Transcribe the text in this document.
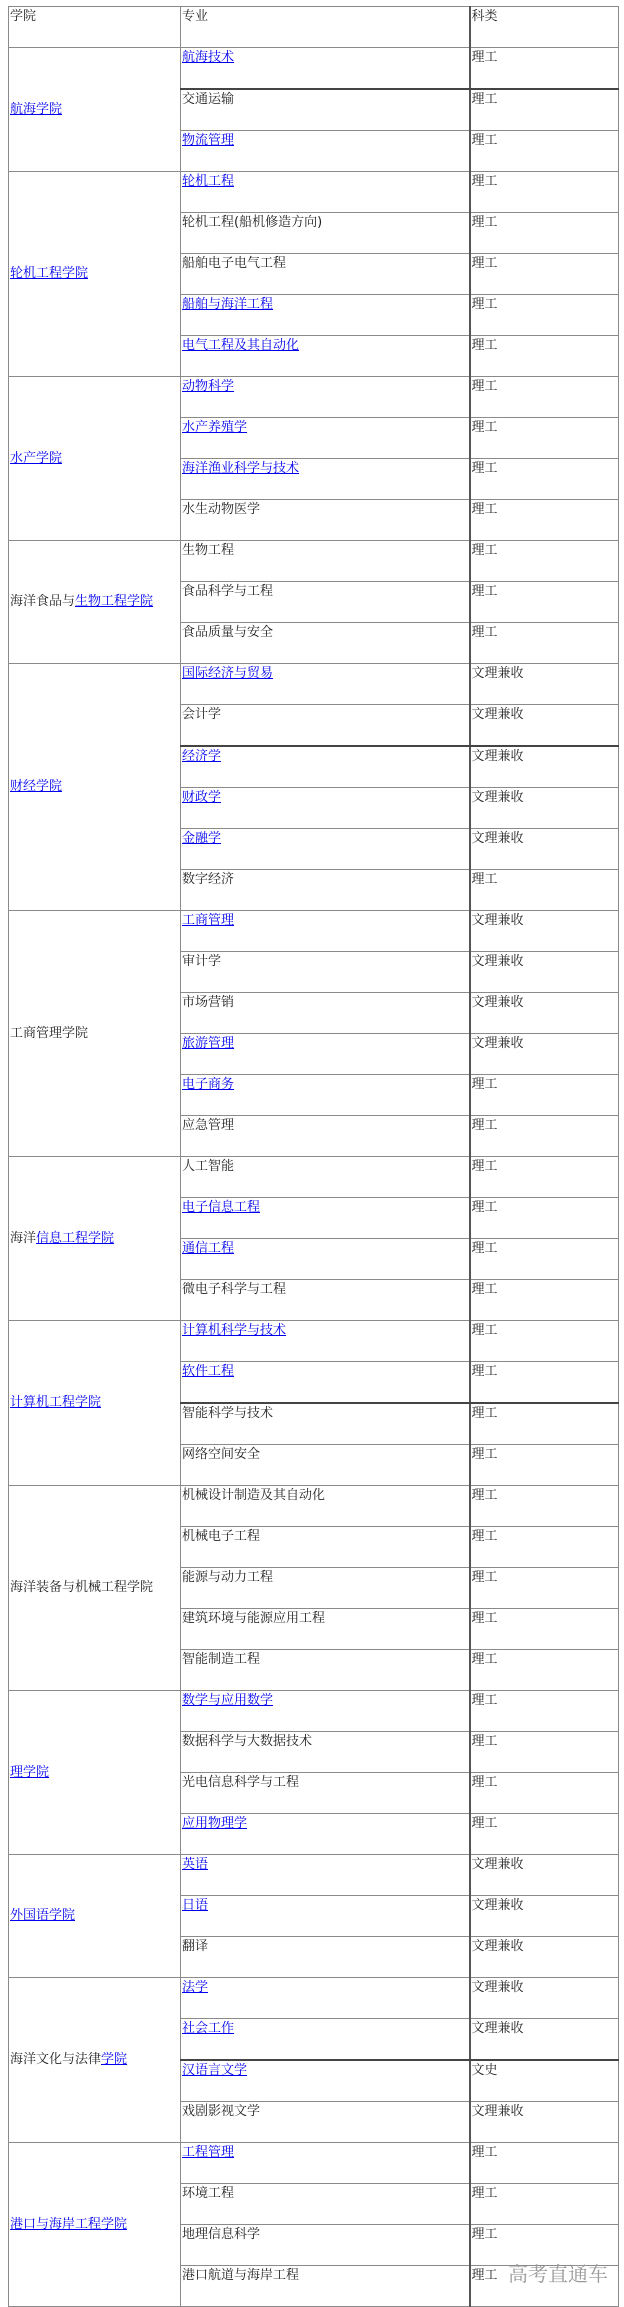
学院	专业	科类
航海学院	航海技术	理工
	交通运输	理工
	物流管理	理工
轮机工程学院	轮机工程	理工
	轮机工程(船机修造方向)	理工
	船舶电子电气工程	理工
	船舶与海洋工程	理工
	电气工程及其自动化	理工
水产学院	动物科学	理工
	水产养殖学	理工
	海洋渔业科学与技术	理工
	水生动物医学	理工
海洋食品与生物工程学院	生物工程	理工
	食品科学与工程	理工
	食品质量与安全	理工
财经学院	国际经济与贸易	文理兼收
	会计学	文理兼收
	经济学	文理兼收
	财政学	文理兼收
	金融学	文理兼收
	数字经济	理工
工商管理学院	工商管理	文理兼收
	审计学	文理兼收
	市场营销	文理兼收
	旅游管理	文理兼收
	电子商务	理工
	应急管理	理工
海洋信息工程学院	人工智能	理工
	电子信息工程	理工
	通信工程	理工
	微电子科学与工程	理工
计算机工程学院	计算机科学与技术	理工
	软件工程	理工
	智能科学与技术	理工
	网络空间安全	理工
海洋装备与机械工程学院	机械设计制造及其自动化	理工
	机械电子工程	理工
	能源与动力工程	理工
	建筑环境与能源应用工程	理工
	智能制造工程	理工
理学院	数学与应用数学	理工
	数据科学与大数据技术	理工
	光电信息科学与工程	理工
	应用物理学	理工
外国语学院	英语	文理兼收
	日语	文理兼收
	翻译	文理兼收
海洋文化与法律学院	法学	文理兼收
	社会工作	文理兼收
	汉语言文学	文史
	戏剧影视文学	文理兼收
港口与海岸工程学院	工程管理	理工
	环境工程	理工
	地理信息科学	理工
	港口航道与海岸工程	理工 高考直通车
